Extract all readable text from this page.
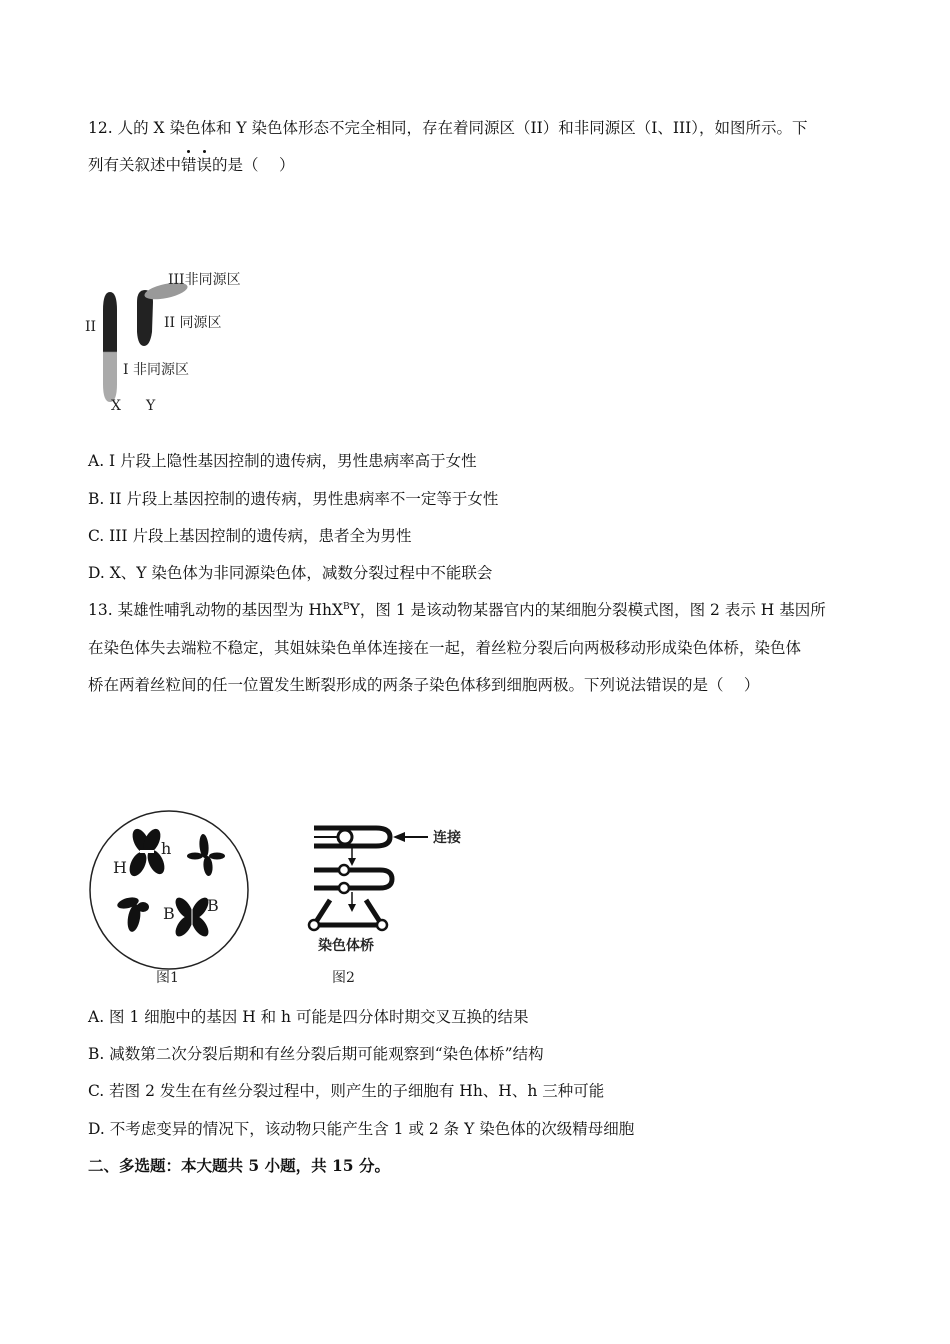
12. 人的 X 染色体和 Y 染色体形态不完全相同，存在着同源区（II）和非同源区（I、III），如图所示。下
列有关叙述中错误的是（　 ）
III非同源区
II 同源区
II
I 非同源区
X Y
A. I 片段上隐性基因控制的遗传病，男性患病率高于女性
B. II 片段上基因控制的遗传病，男性患病率不一定等于女性
C. III 片段上基因控制的遗传病，患者全为男性
D. X、Y 染色体为非同源染色体，减数分裂过程中不能联会
13. 某雄性哺乳动物的基因型为 HhX$^B$Y，图 1 是该动物某器官内的某细胞分裂模式图，图 2 表示 H 基因所
在染色体失去端粒不稳定，其姐妹染色单体连接在一起，着丝粒分裂后向两极移动形成染色体桥，染色体
桥在两着丝粒间的任一位置发生断裂形成的两条子染色体移到细胞两极。下列说法错误的是（　 ）
H
h
B B
图1
连接
染色体桥
图2
A. 图 1 细胞中的基因 H 和 h 可能是四分体时期交叉互换的结果
B. 减数第二次分裂后期和有丝分裂后期可能观察到“染色体桥”结构
C. 若图 2 发生在有丝分裂过程中，则产生的子细胞有 Hh、H、h 三种可能
D. 不考虑变异的情况下，该动物只能产生含 1 或 2 条 Y 染色体的次级精母细胞
二、多选题：本大题共 5 小题，共 15 分。
